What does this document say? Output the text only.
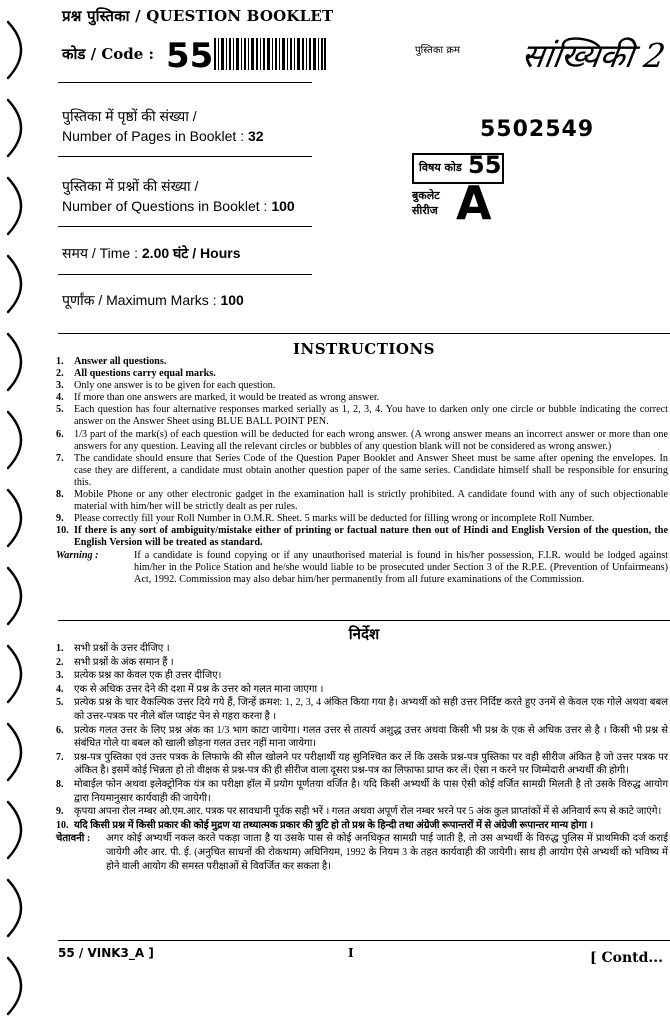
प्रश्न पुस्तिका / QUESTION BOOKLET
कोड / Code : 55	पुस्तिका क्रम सांख्यिकी 2
पुस्तिका में पृष्ठों की संख्या /
Number of Pages in Booklet : 32
पुस्तिका में प्रश्नों की संख्या /
Number of Questions in Booklet : 100
समय / Time : 2.00 घंटे / Hours
पूर्णांक / Maximum Marks : 100
5502549
विषय कोड 55
बुकलेट
सीरीज A
INSTRUCTIONS
1.	Answer all questions.
2.	All questions carry equal marks.
3.	Only one answer is to be given for each question.
4.	If more than one answers are marked, it would be treated as wrong answer.
5.	Each question has four alternative responses marked serially as 1, 2, 3, 4. You have to darken only one circle or bubble indicating the correct answer on the Answer Sheet using BLUE BALL POINT PEN.
6.	1/3 part of the mark(s) of each question will be deducted for each wrong answer. (A wrong answer means an incorrect answer or more than one answers for any question. Leaving all the relevant circles or bubbles of any question blank will not be considered as wrong answer.)
7.	The candidate should ensure that Series Code of the Question Paper Booklet and Answer Sheet must be same after opening the envelopes. In case they are different, a candidate must obtain another question paper of the same series. Candidate himself shall be responsible for ensuring this.
8.	Mobile Phone or any other electronic gadget in the examination hall is strictly prohibited. A candidate found with any of such objectionable material with him/her will be strictly dealt as per rules.
9.	Please correctly fill your Roll Number in O.M.R. Sheet. 5 marks will be deducted for filling wrong or incomplete Roll Number.
10. If there is any sort of ambiguity/mistake either of printing or factual nature then out of Hindi and English Version of the question, the English Version will be treated as standard.
Warning :	If a candidate is found copying or if any unauthorised material is found in his/her possession, F.I.R. would be lodged against him/her in the Police Station and he/she would liable to be prosecuted under Section 3 of the R.P.E. (Prevention of Unfairmeans) Act, 1992. Commission may also debar him/her permanently from all future examinations of the Commission.
निर्देश
1.	सभी प्रश्नों के उत्तर दीजिए ।
2.	सभी प्रश्नों के अंक समान हैं ।
3.	प्रत्येक प्रश्न का केवल एक ही उत्तर दीजिए।
4.	एक से अधिक उत्तर देने की दशा में प्रश्न के उत्तर को गलत माना जाएगा ।
5.	प्रत्येक प्रश्न के चार वैकल्पिक उत्तर दिये गये हैं, जिन्हें क्रमश: 1, 2, 3, 4 अंकित किया गया है। अभ्यर्थी को सही उत्तर निर्दिष्ट करते हुए उनमें से केवल एक गोले अथवा बबल को उत्तर-पत्रक पर नीले बॉल प्वाइंट पेन से गहरा करना है ।
6.	प्रत्येक गलत उत्तर के लिए प्रश्न अंक का 1/3 भाग काटा जायेगा। गलत उत्तर से तात्पर्य अशुद्ध उत्तर अथवा किसी भी प्रश्न के एक से अधिक उत्तर से है । किसी भी प्रश्न से संबंधित गोले या बबल को खाली छोड़ना गलत उत्तर नहीं माना जायेगा।
7.	प्रश्न-पत्र पुस्तिका एवं उत्तर पत्रक के लिफाफे की सील खोलने पर परीक्षार्थी यह सुनिश्चित कर लें कि उसके प्रश्न-पत्र पुस्तिका पर वही सीरीज अंकित है जो उत्तर पत्रक पर अंकित है। इसमें कोई भिन्नता हो तो वीक्षक से प्रश्न-पत्र की ही सीरीज वाला दूसरा प्रश्न-पत्र का लिफाफा प्राप्त कर लें। ऐसा न करने पर जिम्मेदारी अभ्यर्थी की होगी।
8.	मोबाईल फोन अथवा इलेक्ट्रोनिक यंत्र का परीक्षा हॉल में प्रयोग पूर्णतया वर्जित है। यदि किसी अभ्यर्थी के पास ऐसी कोई वर्जित सामग्री मिलती है तो उसके विरुद्ध आयोग द्वारा नियमानुसार कार्यवाही की जायेगी।
9.	कृपया अपना रोल नम्बर ओ.एम.आर. पत्रक पर सावधानी पूर्वक सही भरें । गलत अथवा अपूर्ण रोल नम्बर भरने पर 5 अंक कुल प्राप्तांकों में से अनिवार्य रूप से काटे जाएंगे।
10. यदि किसी प्रश्न में किसी प्रकार की कोई मुद्रण या तथ्यात्मक प्रकार की त्रुटि हो तो प्रश्न के हिन्दी तथा अंग्रेजी रूपान्तरों में से अंग्रेजी रूपान्तर मान्य होगा ।
चेतावनी :	अगर कोई अभ्यर्थी नकल करते पकड़ा जाता है या उसके पास से कोई अनधिकृत सामग्री पाई जाती है, तो उस अभ्यर्थी के विरुद्ध पुलिस में प्राथमिकी दर्ज कराई जायेगी और आर. पी. ई. (अनुचित साधनों की रोकथाम) अधिनियम, 1992 के नियम 3 के तहत कार्यवाही की जायेगी। साथ ही आयोग ऐसे अभ्यर्थी को भविष्य में होने वाली आयोग की समस्त परीक्षाओं से विवर्जित कर सकता है।
55 / VINK3_A ]	I	[ Contd...
